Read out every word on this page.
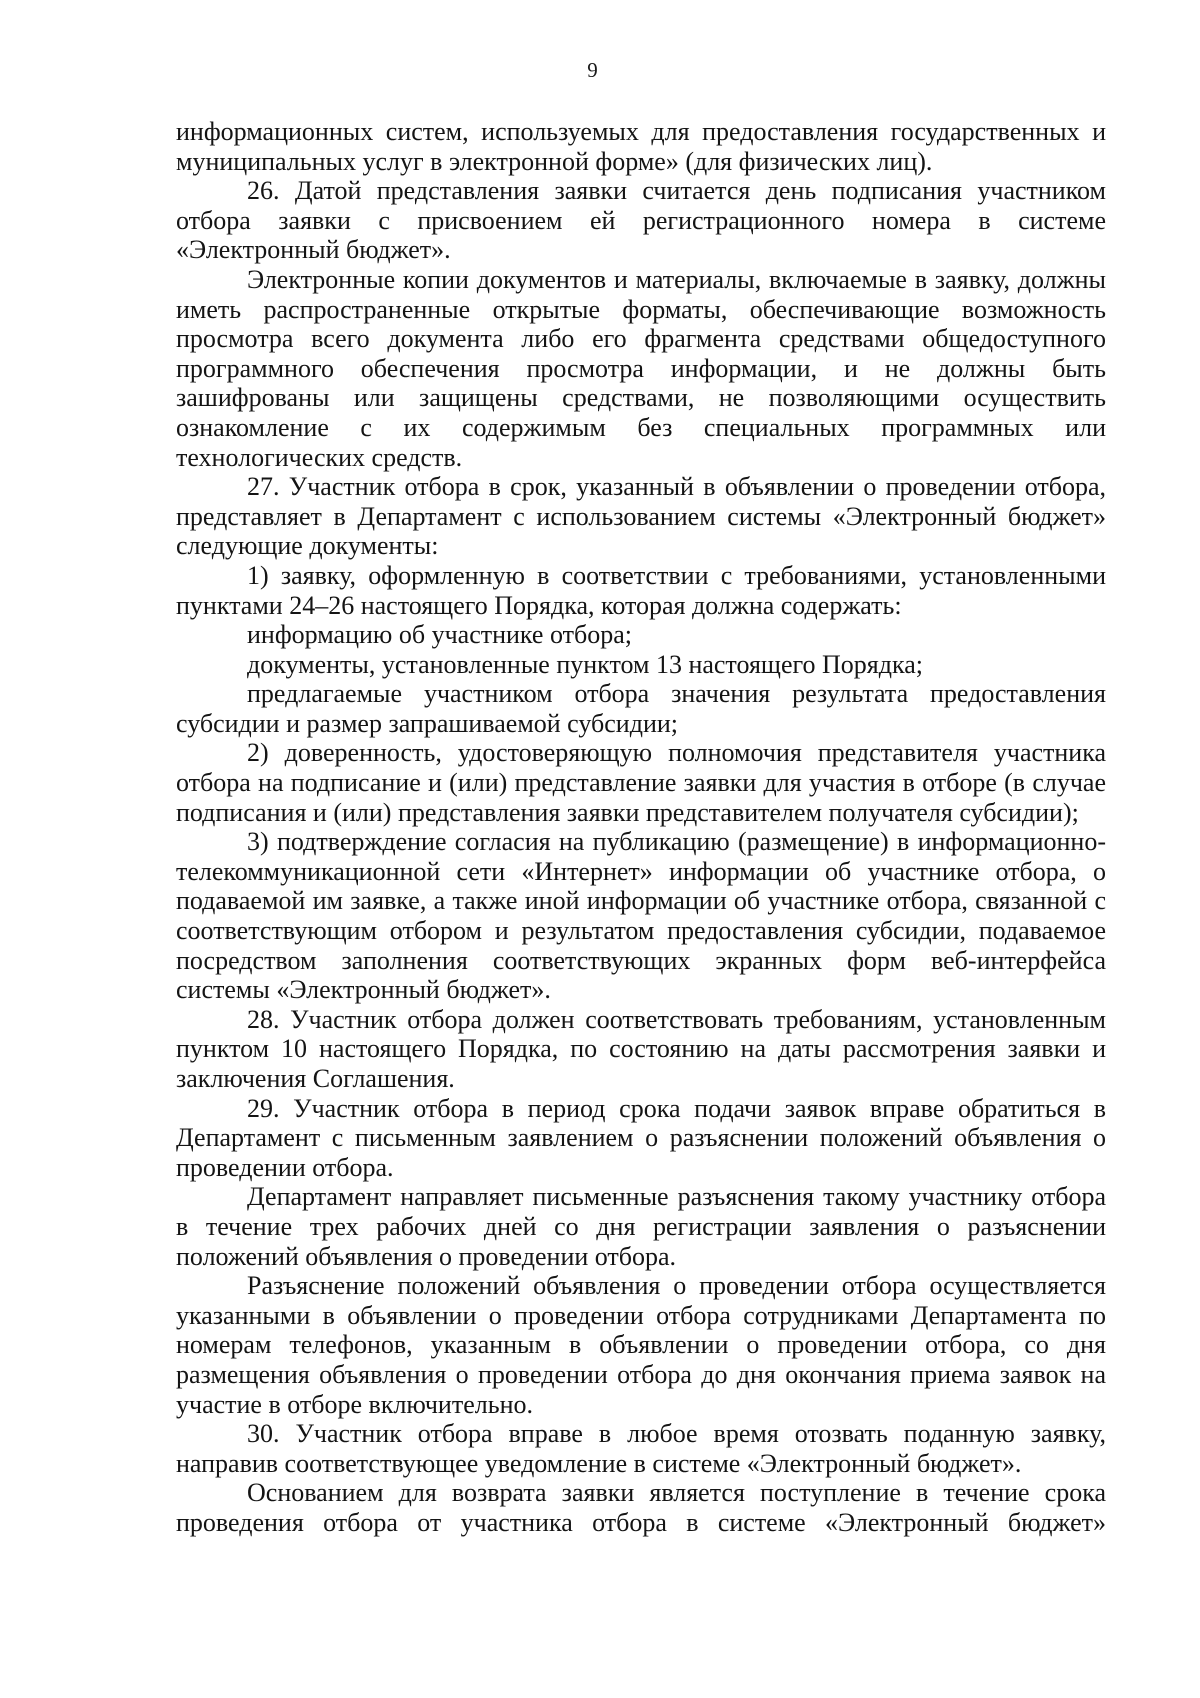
9

информационных систем, используемых для предоставления государственных и муниципальных услуг в электронной форме» (для физических лиц).

26. Датой представления заявки считается день подписания участником отбора заявки с присвоением ей регистрационного номера в системе «Электронный бюджет».

Электронные копии документов и материалы, включаемые в заявку, должны иметь распространенные открытые форматы, обеспечивающие возможность просмотра всего документа либо его фрагмента средствами общедоступного программного обеспечения просмотра информации, и не должны быть зашифрованы или защищены средствами, не позволяющими осуществить ознакомление с их содержимым без специальных программных или технологических средств.

27. Участник отбора в срок, указанный в объявлении о проведении отбора, представляет в Департамент с использованием системы «Электронный бюджет» следующие документы:

1) заявку, оформленную в соответствии с требованиями, установленными пунктами 24–26 настоящего Порядка, которая должна содержать:

информацию об участнике отбора;

документы, установленные пунктом 13 настоящего Порядка;

предлагаемые участником отбора значения результата предоставления субсидии и размер запрашиваемой субсидии;

2) доверенность, удостоверяющую полномочия представителя участника отбора на подписание и (или) представление заявки для участия в отборе (в случае подписания и (или) представления заявки представителем получателя субсидии);

3) подтверждение согласия на публикацию (размещение) в информационно-телекоммуникационной сети «Интернет» информации об участнике отбора, о подаваемой им заявке, а также иной информации об участнике отбора, связанной с соответствующим отбором и результатом предоставления субсидии, подаваемое посредством заполнения соответствующих экранных форм веб-интерфейса системы «Электронный бюджет».

28. Участник отбора должен соответствовать требованиям, установленным пунктом 10 настоящего Порядка, по состоянию на даты рассмотрения заявки и заключения Соглашения.

29. Участник отбора в период срока подачи заявок вправе обратиться в Департамент с письменным заявлением о разъяснении положений объявления о проведении отбора.

Департамент направляет письменные разъяснения такому участнику отбора в течение трех рабочих дней со дня регистрации заявления о разъяснении положений объявления о проведении отбора.

Разъяснение положений объявления о проведении отбора осуществляется указанными в объявлении о проведении отбора сотрудниками Департамента по номерам телефонов, указанным в объявлении о проведении отбора, со дня размещения объявления о проведении отбора до дня окончания приема заявок на участие в отборе включительно.

30. Участник отбора вправе в любое время отозвать поданную заявку, направив соответствующее уведомление в системе «Электронный бюджет».

Основанием для возврата заявки является поступление в течение срока проведения отбора от участника отбора в системе «Электронный бюджет»
